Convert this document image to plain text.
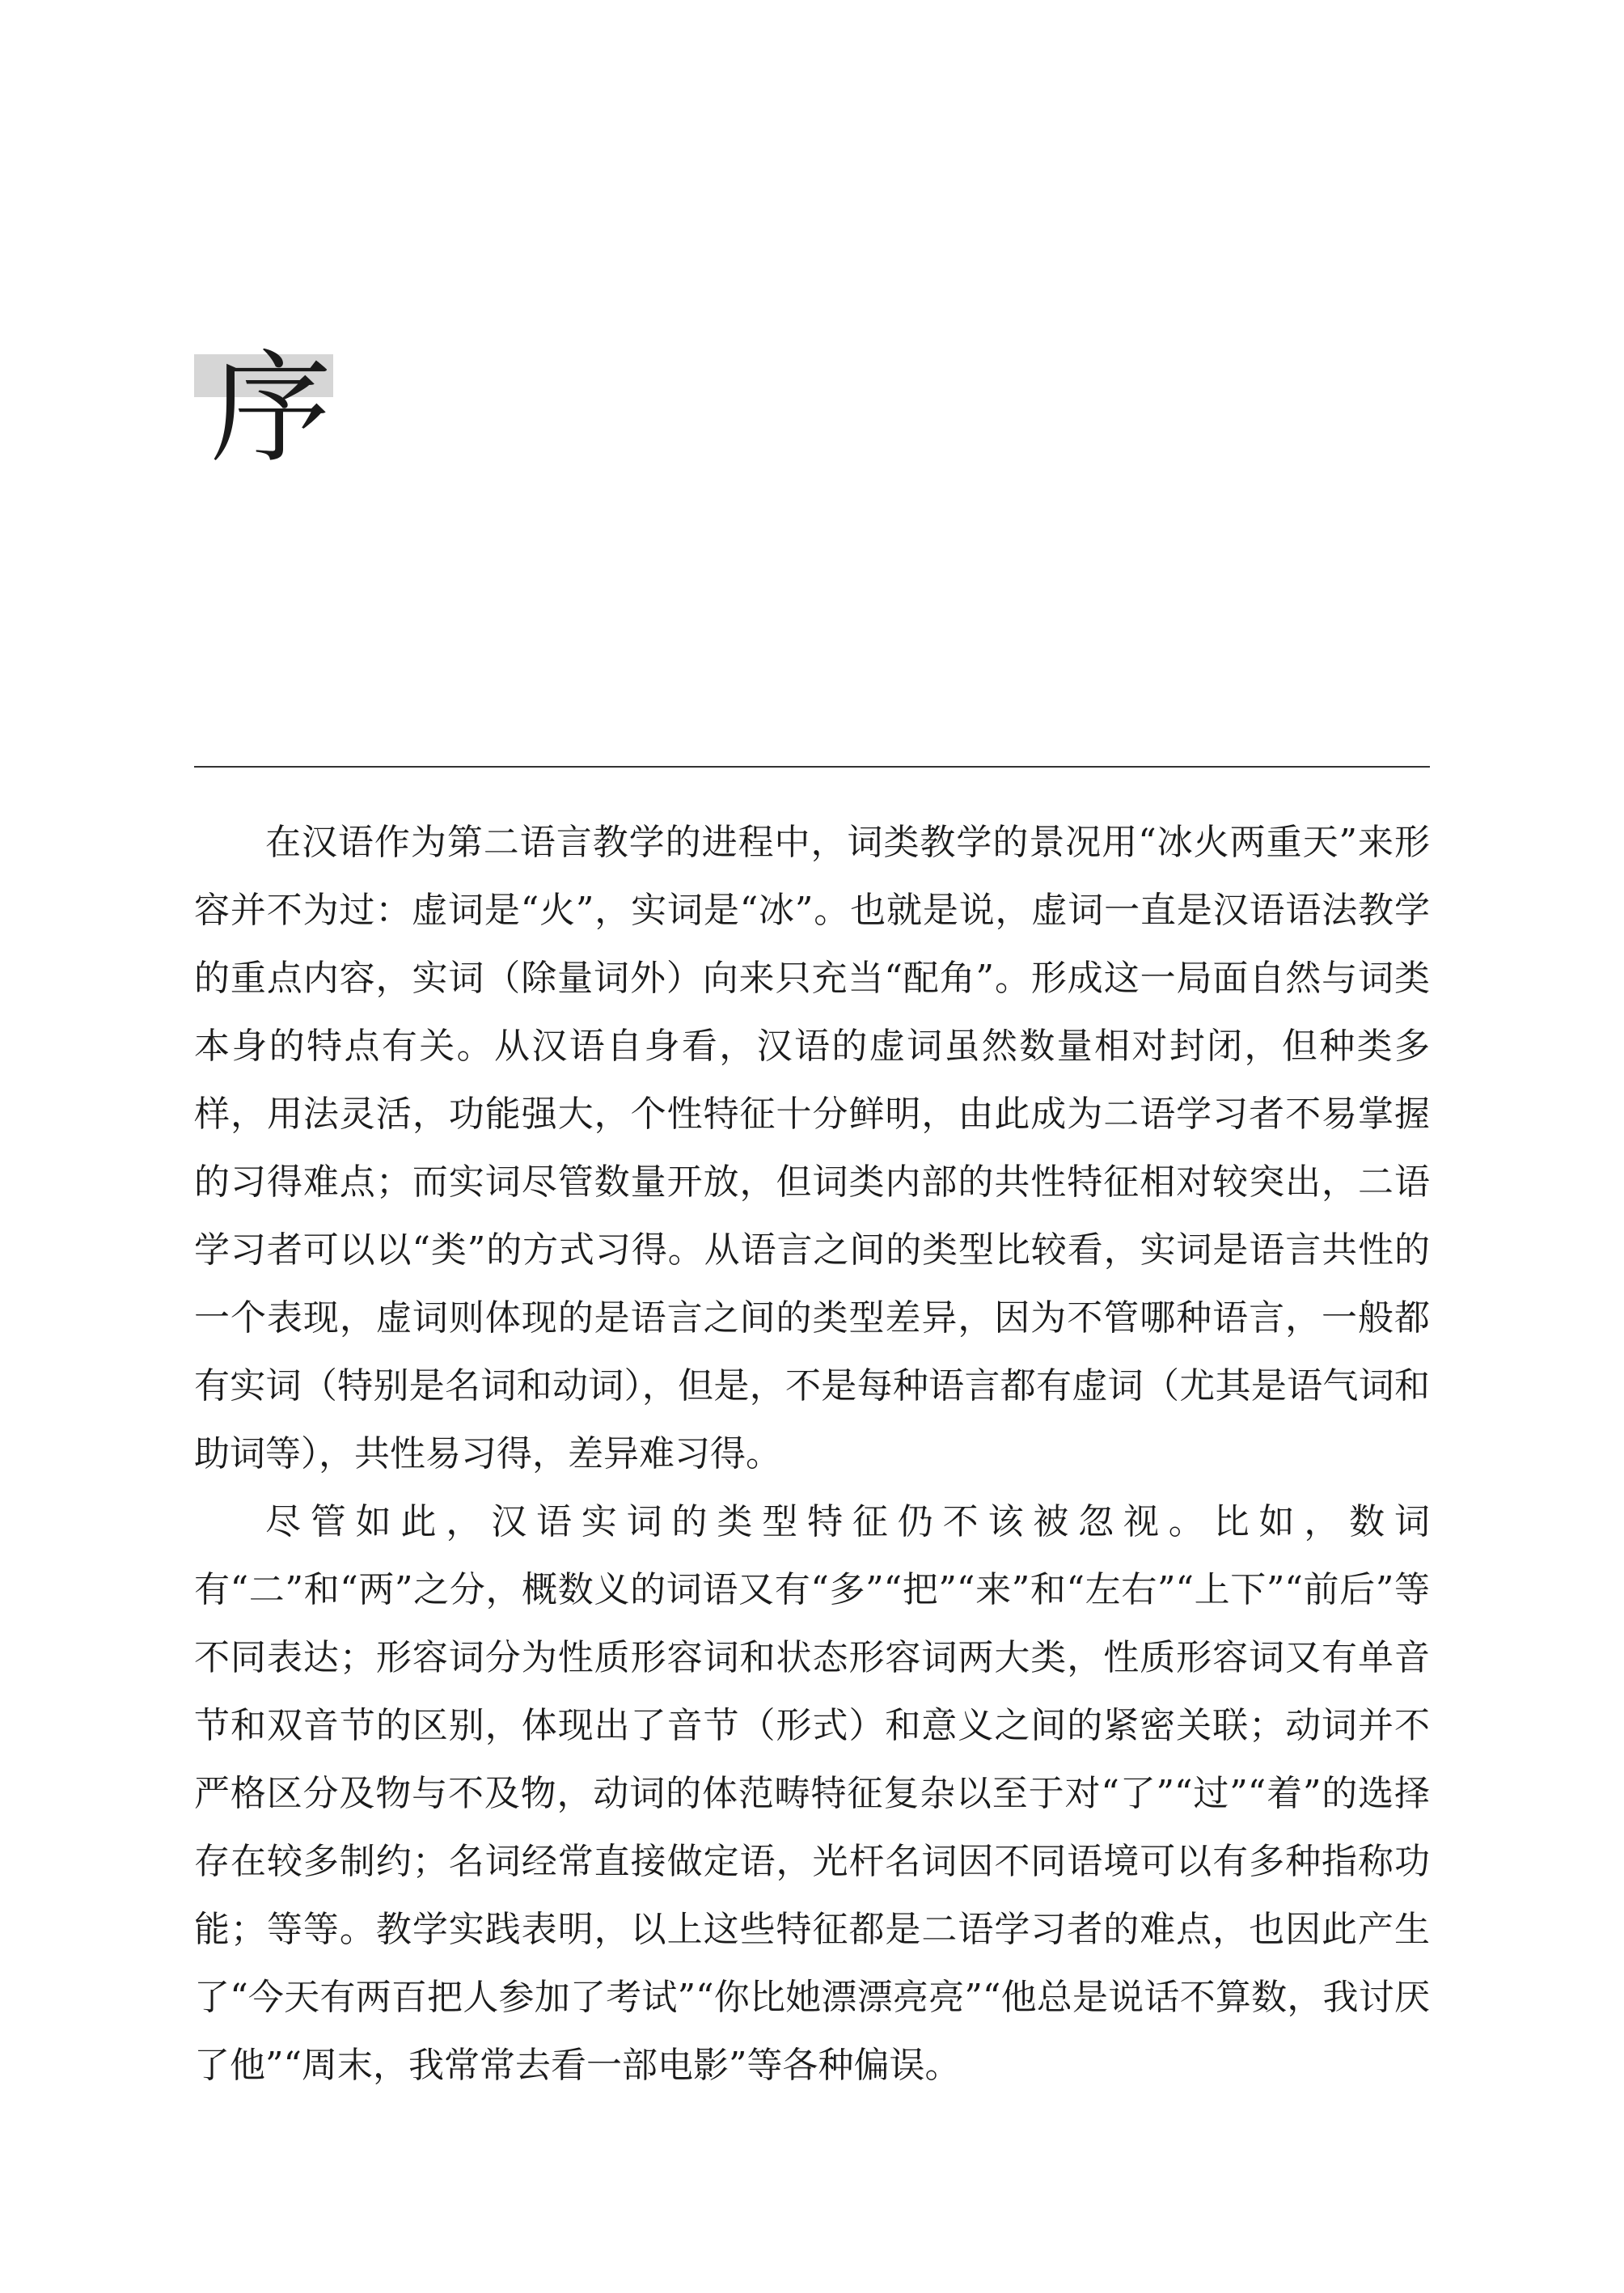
序

在汉语作为第二语言教学的进程中，词类教学的景况用“冰火两重天”来形容并不为过：虚词是“火”，实词是“冰”。也就是说，虚词一直是汉语语法教学的重点内容，实词（除量词外）向来只充当“配角”。形成这一局面自然与词类本身的特点有关。从汉语自身看，汉语的虚词虽然数量相对封闭，但种类多样，用法灵活，功能强大，个性特征十分鲜明，由此成为二语学习者不易掌握的习得难点；而实词尽管数量开放，但词类内部的共性特征相对较突出，二语学习者可以以“类”的方式习得。从语言之间的类型比较看，实词是语言共性的一个表现，虚词则体现的是语言之间的类型差异，因为不管哪种语言，一般都有实词（特别是名词和动词），但是，不是每种语言都有虚词（尤其是语气词和助词等），共性易习得，差异难习得。

尽管如此，汉语实词的类型特征仍不该被忽视。比如，数词有“二”和“两”之分，概数义的词语又有“多”“把”“来”和“左右”“上下”“前后”等不同表达；形容词分为性质形容词和状态形容词两大类，性质形容词又有单音节和双音节的区别，体现出了音节（形式）和意义之间的紧密关联；动词并不严格区分及物与不及物，动词的体范畴特征复杂以至于对“了”“过”“着”的选择存在较多制约；名词经常直接做定语，光杆名词因不同语境可以有多种指称功能；等等。教学实践表明，以上这些特征都是二语学习者的难点，也因此产生了“今天有两百把人参加了考试”“你比她漂漂亮亮”“他总是说话不算数，我讨厌了他”“周末，我常常去看一部电影”等各种偏误。
